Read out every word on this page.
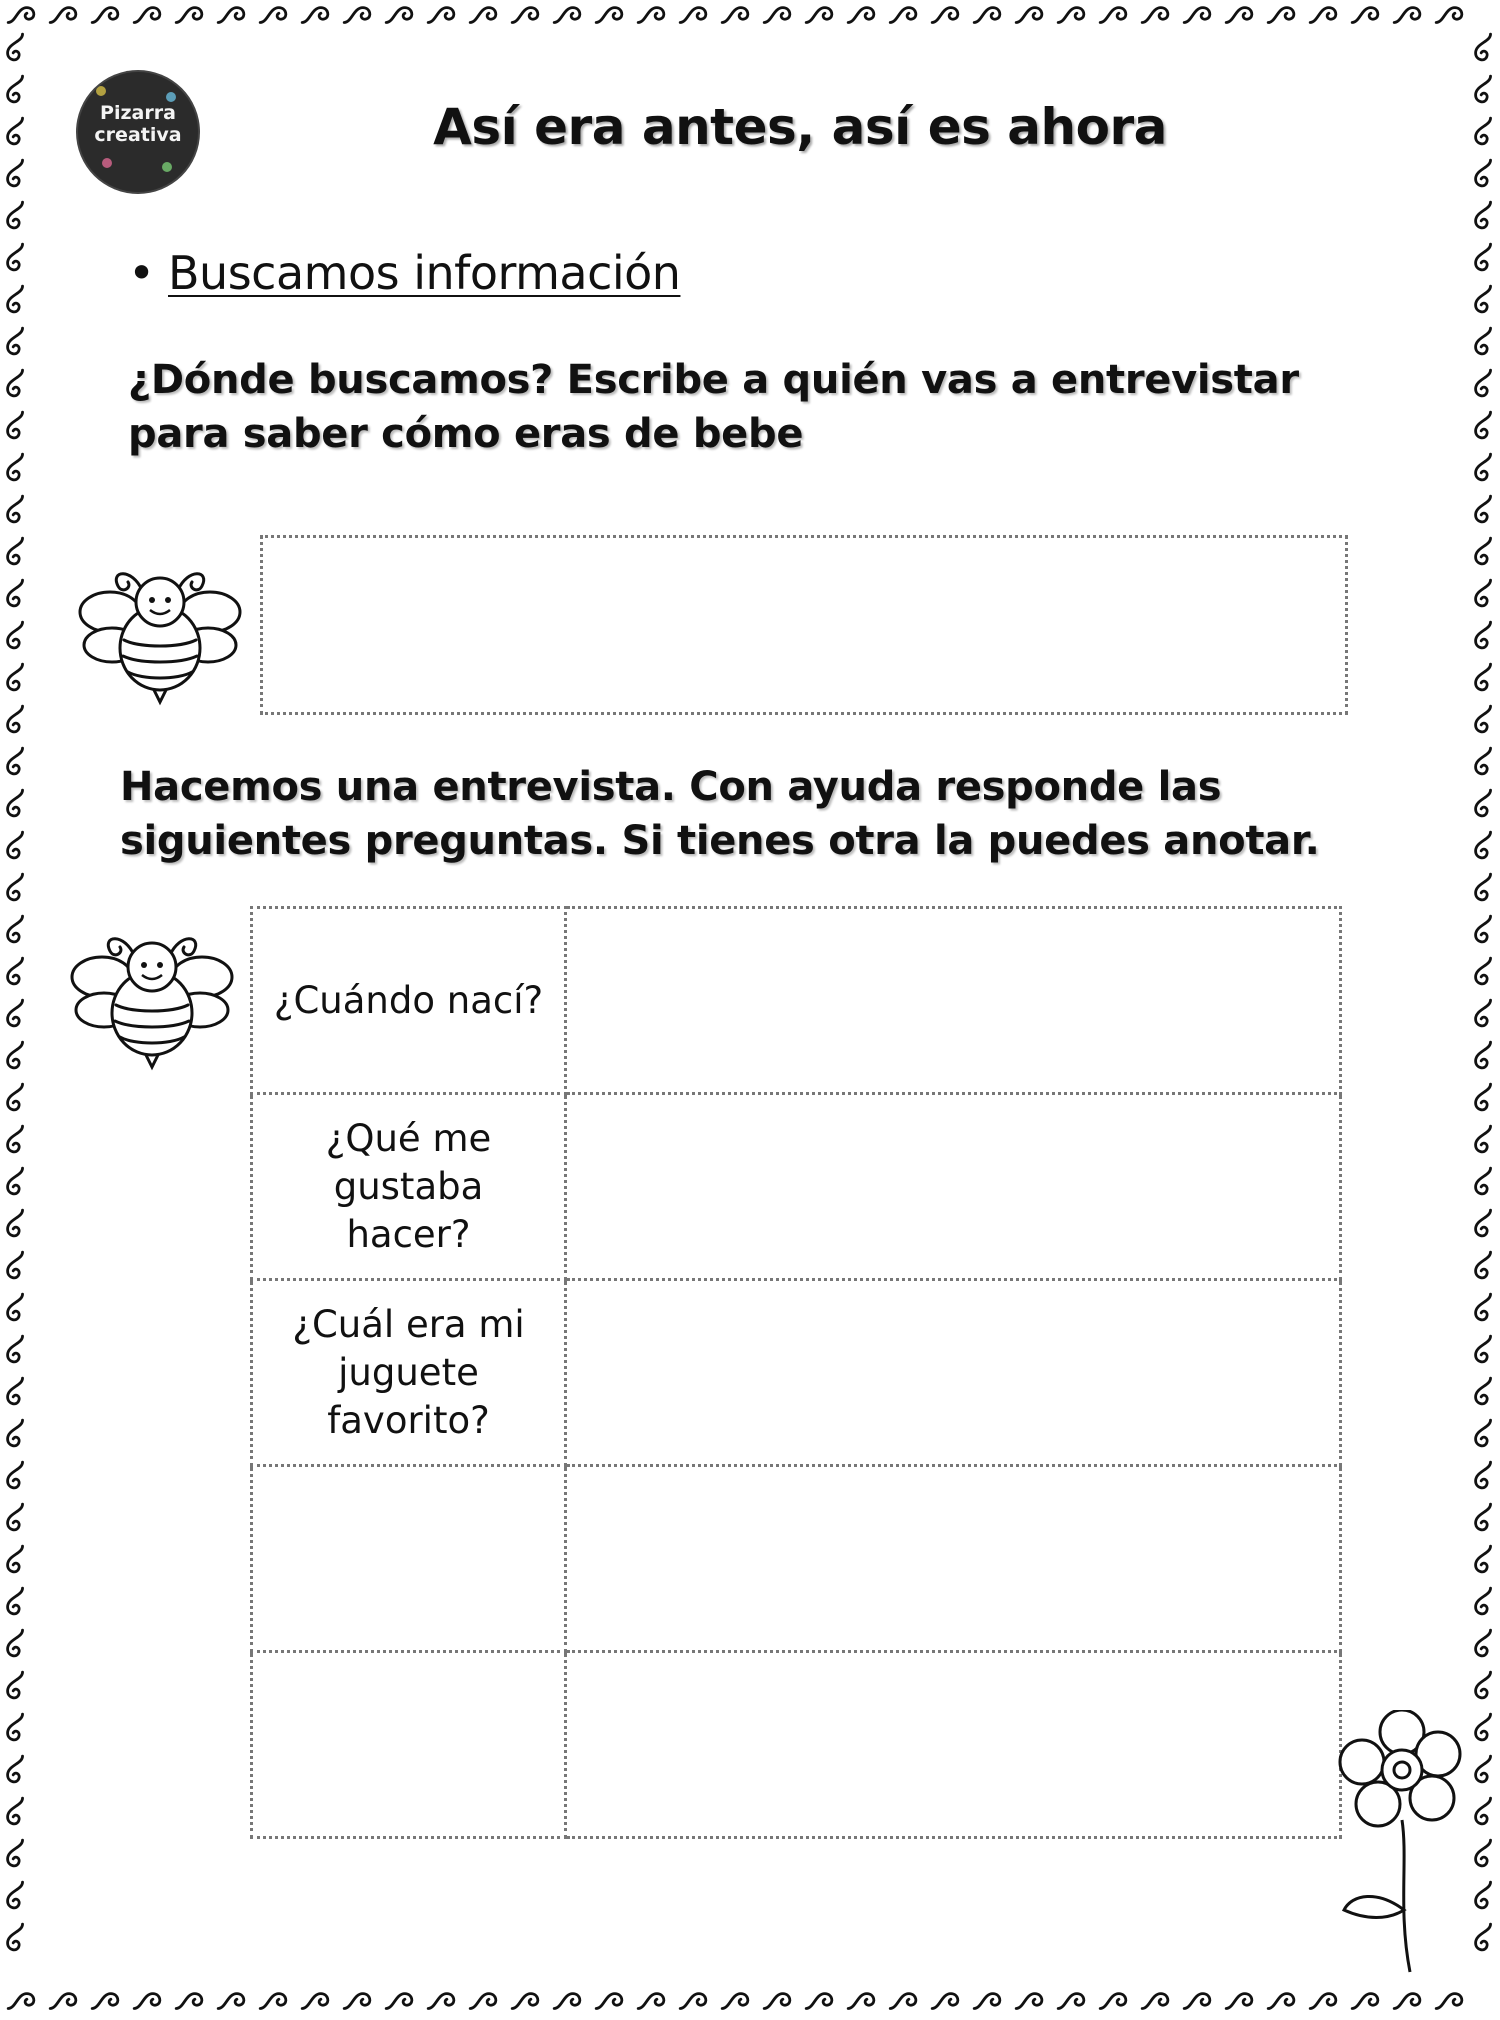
Pizarra
creativa	Así era antes, así es ahora
• Buscamos información
¿Dónde buscamos? Escribe a quién vas a entrevistar para saber cómo eras de bebe
Hacemos una entrevista. Con ayuda responde las siguientes preguntas. Si tienes otra la puedes anotar.
¿Cuándo nací?	
¿Qué me gustaba hacer?	
¿Cuál era mi juguete favorito?	
